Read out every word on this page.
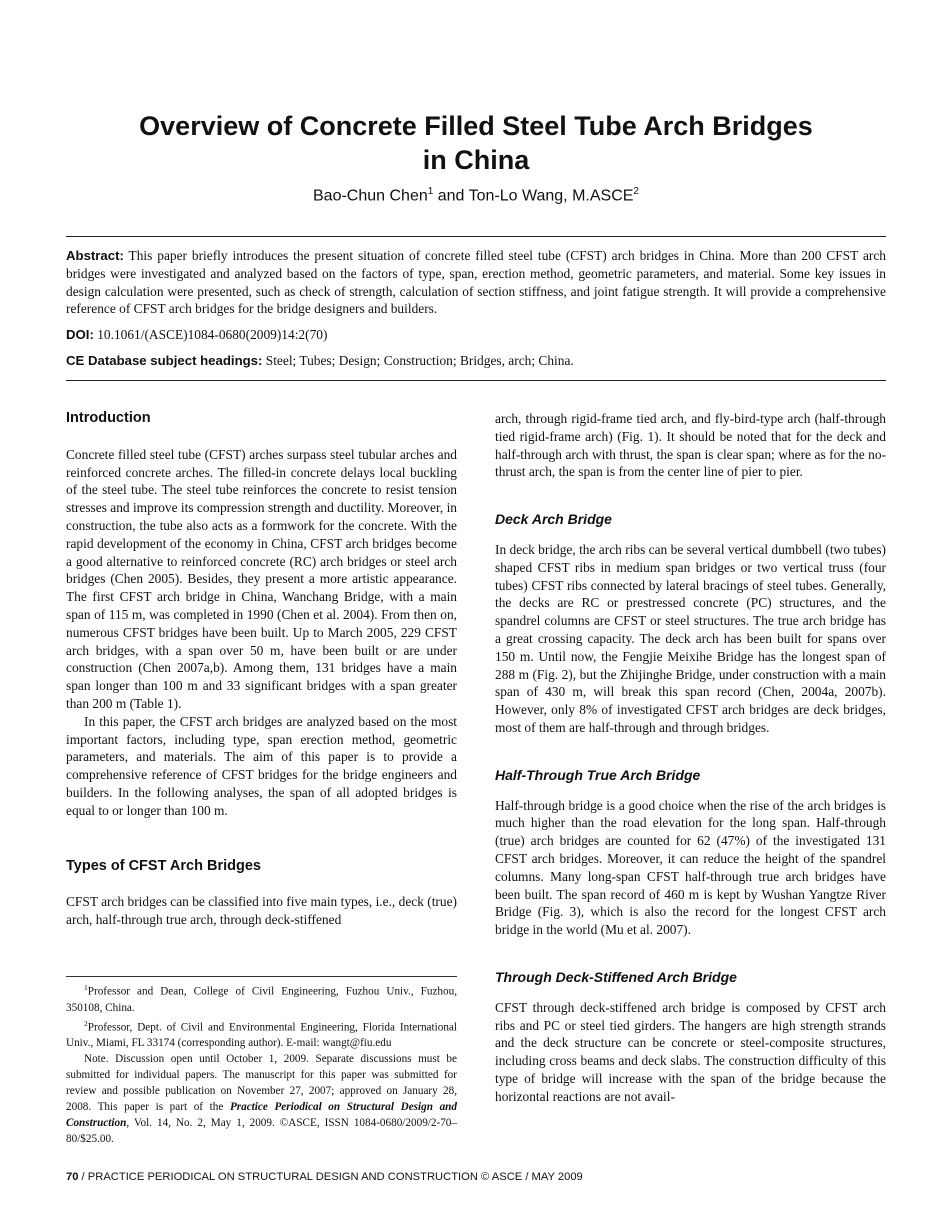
Overview of Concrete Filled Steel Tube Arch Bridges
in China
Bao-Chun Chen$^1$ and Ton-Lo Wang, M.ASCE$^2$
Abstract: This paper briefly introduces the present situation of concrete filled steel tube (CFST) arch bridges in China. More than 200 CFST arch bridges were investigated and analyzed based on the factors of type, span, erection method, geometric parameters, and material. Some key issues in design calculation were presented, such as check of strength, calculation of section stiffness, and joint fatigue strength. It will provide a comprehensive reference of CFST arch bridges for the bridge designers and builders.
DOI: 10.1061/(ASCE)1084-0680(2009)14:2(70)
CE Database subject headings: Steel; Tubes; Design; Construction; Bridges, arch; China.
Introduction

Concrete filled steel tube (CFST) arches surpass steel tubular arches and reinforced concrete arches. The filled-in concrete delays local buckling of the steel tube. The steel tube reinforces the concrete to resist tension stresses and improve its compression strength and ductility. Moreover, in construction, the tube also acts as a formwork for the concrete. With the rapid development of the economy in China, CFST arch bridges become a good alternative to reinforced concrete (RC) arch bridges or steel arch bridges (Chen 2005). Besides, they present a more artistic appearance. The first CFST arch bridge in China, Wanchang Bridge, with a main span of 115 m, was completed in 1990 (Chen et al. 2004). From then on, numerous CFST bridges have been built. Up to March 2005, 229 CFST arch bridges, with a span over 50 m, have been built or are under construction (Chen 2007a,b). Among them, 131 bridges have a main span longer than 100 m and 33 significant bridges with a span greater than 200 m (Table 1).

In this paper, the CFST arch bridges are analyzed based on the most important factors, including type, span erection method, geometric parameters, and materials. The aim of this paper is to provide a comprehensive reference of CFST bridges for the bridge engineers and builders. In the following analyses, the span of all adopted bridges is equal to or longer than 100 m.

Types of CFST Arch Bridges

CFST arch bridges can be classified into five main types, i.e., deck (true) arch, half-through true arch, through deck-stiffened

$^1$Professor and Dean, College of Civil Engineering, Fuzhou Univ., Fuzhou, 350108, China.

$^2$Professor, Dept. of Civil and Environmental Engineering, Florida International Univ., Miami, FL 33174 (corresponding author). E-mail: wangt@fiu.edu

Note. Discussion open until October 1, 2009. Separate discussions must be submitted for individual papers. The manuscript for this paper was submitted for review and possible publication on November 27, 2007; approved on January 28, 2008. This paper is part of the Practice Periodical on Structural Design and Construction, Vol. 14, No. 2, May 1, 2009. ©ASCE, ISSN 1084-0680/2009/2-70–80/$25.00.

arch, through rigid-frame tied arch, and fly-bird-type arch (half-through tied rigid-frame arch) (Fig. 1). It should be noted that for the deck and half-through arch with thrust, the span is clear span; where as for the no-thrust arch, the span is from the center line of pier to pier.

Deck Arch Bridge

In deck bridge, the arch ribs can be several vertical dumbbell (two tubes) shaped CFST ribs in medium span bridges or two vertical truss (four tubes) CFST ribs connected by lateral bracings of steel tubes. Generally, the decks are RC or prestressed concrete (PC) structures, and the spandrel columns are CFST or steel structures. The true arch bridge has a great crossing capacity. The deck arch has been built for spans over 150 m. Until now, the Fengjie Meixihe Bridge has the longest span of 288 m (Fig. 2), but the Zhijinghe Bridge, under construction with a main span of 430 m, will break this span record (Chen, 2004a, 2007b). However, only 8% of investigated CFST arch bridges are deck bridges, most of them are half-through and through bridges.

Half-Through True Arch Bridge

Half-through bridge is a good choice when the rise of the arch bridges is much higher than the road elevation for the long span. Half-through (true) arch bridges are counted for 62 (47%) of the investigated 131 CFST arch bridges. Moreover, it can reduce the height of the spandrel columns. Many long-span CFST half-through true arch bridges have been built. The span record of 460 m is kept by Wushan Yangtze River Bridge (Fig. 3), which is also the record for the longest CFST arch bridge in the world (Mu et al. 2007).

Through Deck-Stiffened Arch Bridge

CFST through deck-stiffened arch bridge is composed by CFST arch ribs and PC or steel tied girders. The hangers are high strength strands and the deck structure can be concrete or steel-composite structures, including cross beams and deck slabs. The construction difficulty of this type of bridge will increase with the span of the bridge because the horizontal reactions are not avail-

70 / PRACTICE PERIODICAL ON STRUCTURAL DESIGN AND CONSTRUCTION © ASCE / MAY 2009
